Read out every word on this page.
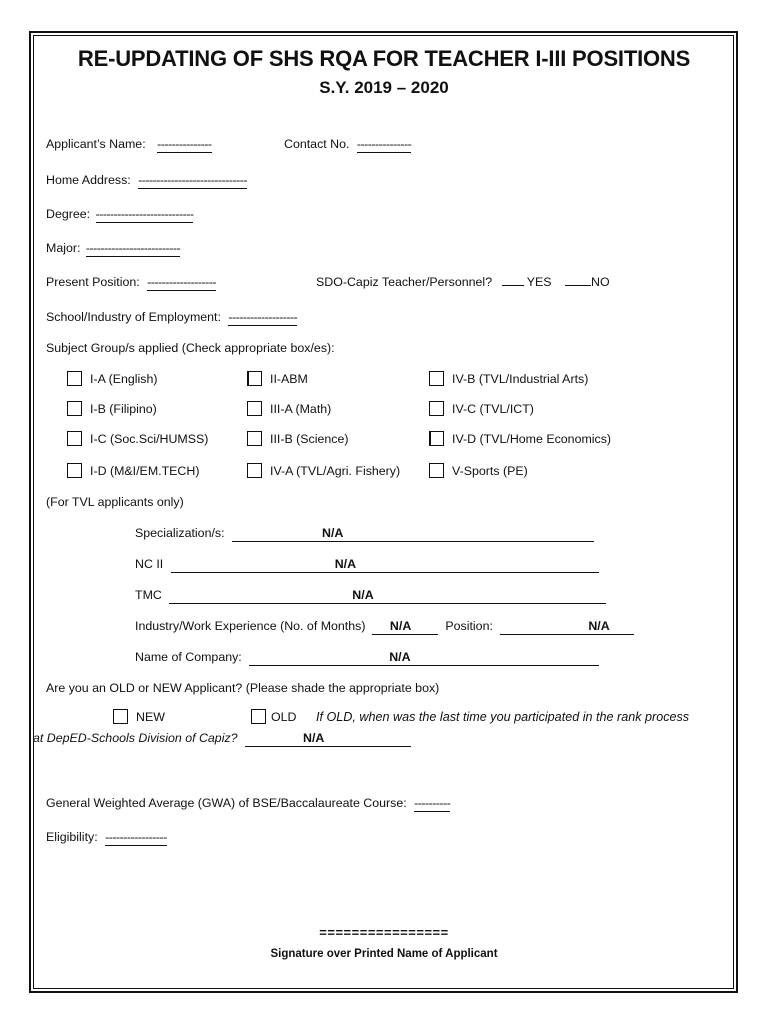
RE-UPDATING OF SHS RQA FOR TEACHER I-III POSITIONS
S.Y. 2019 – 2020
Applicant’s Name: ---------------	Contact No. ---------------
Home Address: ------------------------------
Degree: ---------------------------
Major: --------------------------
Present Position: -------------------	SDO-Capiz Teacher/Personnel?	YES	NO
School/Industry of Employment: -------------------
Subject Group/s applied (Check appropriate box/es):
I-A (English)	II-ABM	IV-B (TVL/Industrial Arts)
I-B (Filipino)	III-A (Math)	IV-C (TVL/ICT)
I-C (Soc.Sci/HUMSS)	III-B (Science)	IV-D (TVL/Home Economics)
I-D (M&I/EM.TECH)	IV-A (TVL/Agri. Fishery)	V-Sports (PE)
(For TVL applicants only)
Specialization/s:	N/A

NC II	N/A

TMC	N/A

Industry/Work Experience (No. of Months) N/A	Position:	N/A

Name of Company:	N/A

Are you an OLD or NEW Applicant? (Please shade the appropriate box)
NEW	OLD If OLD, when was the last time you participated in the rank process
at DepED-Schools Division of Capiz?	N/A

General Weighted Average (GWA) of BSE/Baccalaureate Course: ----------
Eligibility: -----------------
================
Signature over Printed Name of Applicant
